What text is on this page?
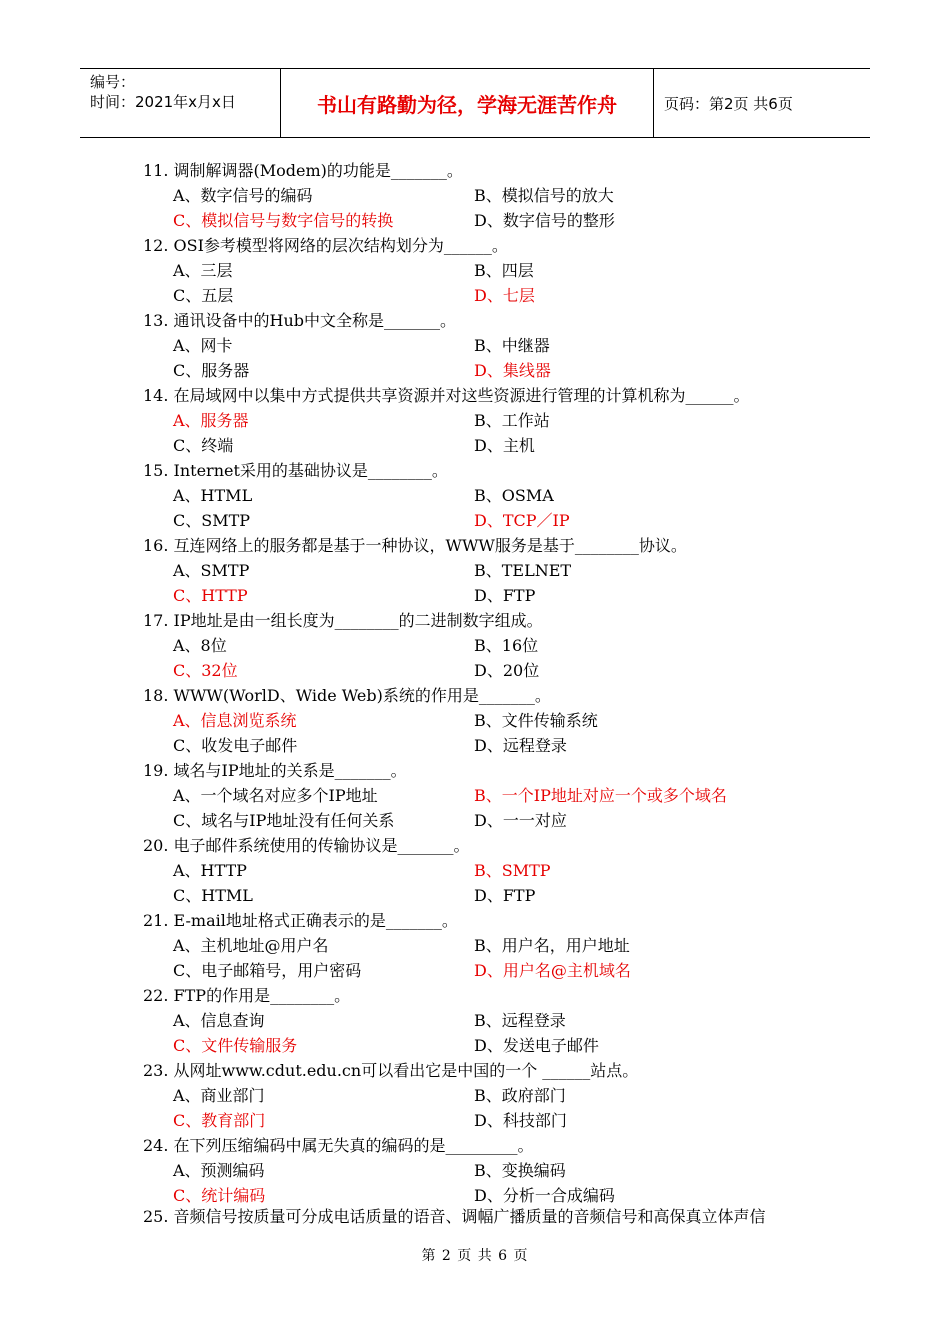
编号：
时间：2021年x月x日	书山有路勤为径，学海无涯苦作舟	页码：第2页 共6页
11. 调制解调器(Modem)的功能是_______。
A、数字信号的编码	B、模拟信号的放大
C、模拟信号与数字信号的转换	D、数字信号的整形
12. OSI参考模型将网络的层次结构划分为______。
A、三层	B、四层
C、五层	D、七层
13. 通讯设备中的Hub中文全称是_______。
A、网卡	B、中继器
C、服务器	D、集线器
14. 在局域网中以集中方式提供共享资源并对这些资源进行管理的计算机称为______。
A、服务器	B、工作站
C、终端	D、主机
15. Internet采用的基础协议是________。
A、HTML	B、OSMA
C、SMTP	D、TCP／IP
16. 互连网络上的服务都是基于一种协议，WWW服务是基于________协议。
A、SMTP	B、TELNET
C、HTTP	D、FTP
17. IP地址是由一组长度为________的二进制数字组成。
A、8位	B、16位
C、32位	D、20位
18. WWW(WorlD、Wide Web)系统的作用是_______。
A、信息浏览系统	B、文件传输系统
C、收发电子邮件	D、远程登录
19. 域名与IP地址的关系是_______。
A、一个域名对应多个IP地址	B、一个IP地址对应一个或多个域名
C、域名与IP地址没有任何关系	D、一一对应
20. 电子邮件系统使用的传输协议是_______。
A、HTTP	B、SMTP
C、HTML	D、FTP
21. E-mail地址格式正确表示的是_______。
A、主机地址@用户名	B、用户名，用户地址
C、电子邮箱号，用户密码	D、用户名@主机域名
22. FTP的作用是________。
A、信息查询	B、远程登录
C、文件传输服务	D、发送电子邮件
23. 从网址www.cdut.edu.cn可以看出它是中国的一个 ______站点。
A、商业部门	B、政府部门
C、教育部门	D、科技部门
24. 在下列压缩编码中属无失真的编码的是_________。
A、预测编码	B、变换编码
C、统计编码	D、分析一合成编码
25. 音频信号按质量可分成电话质量的语音、调幅广播质量的音频信号和高保真立体声信
第 2 页 共 6 页
